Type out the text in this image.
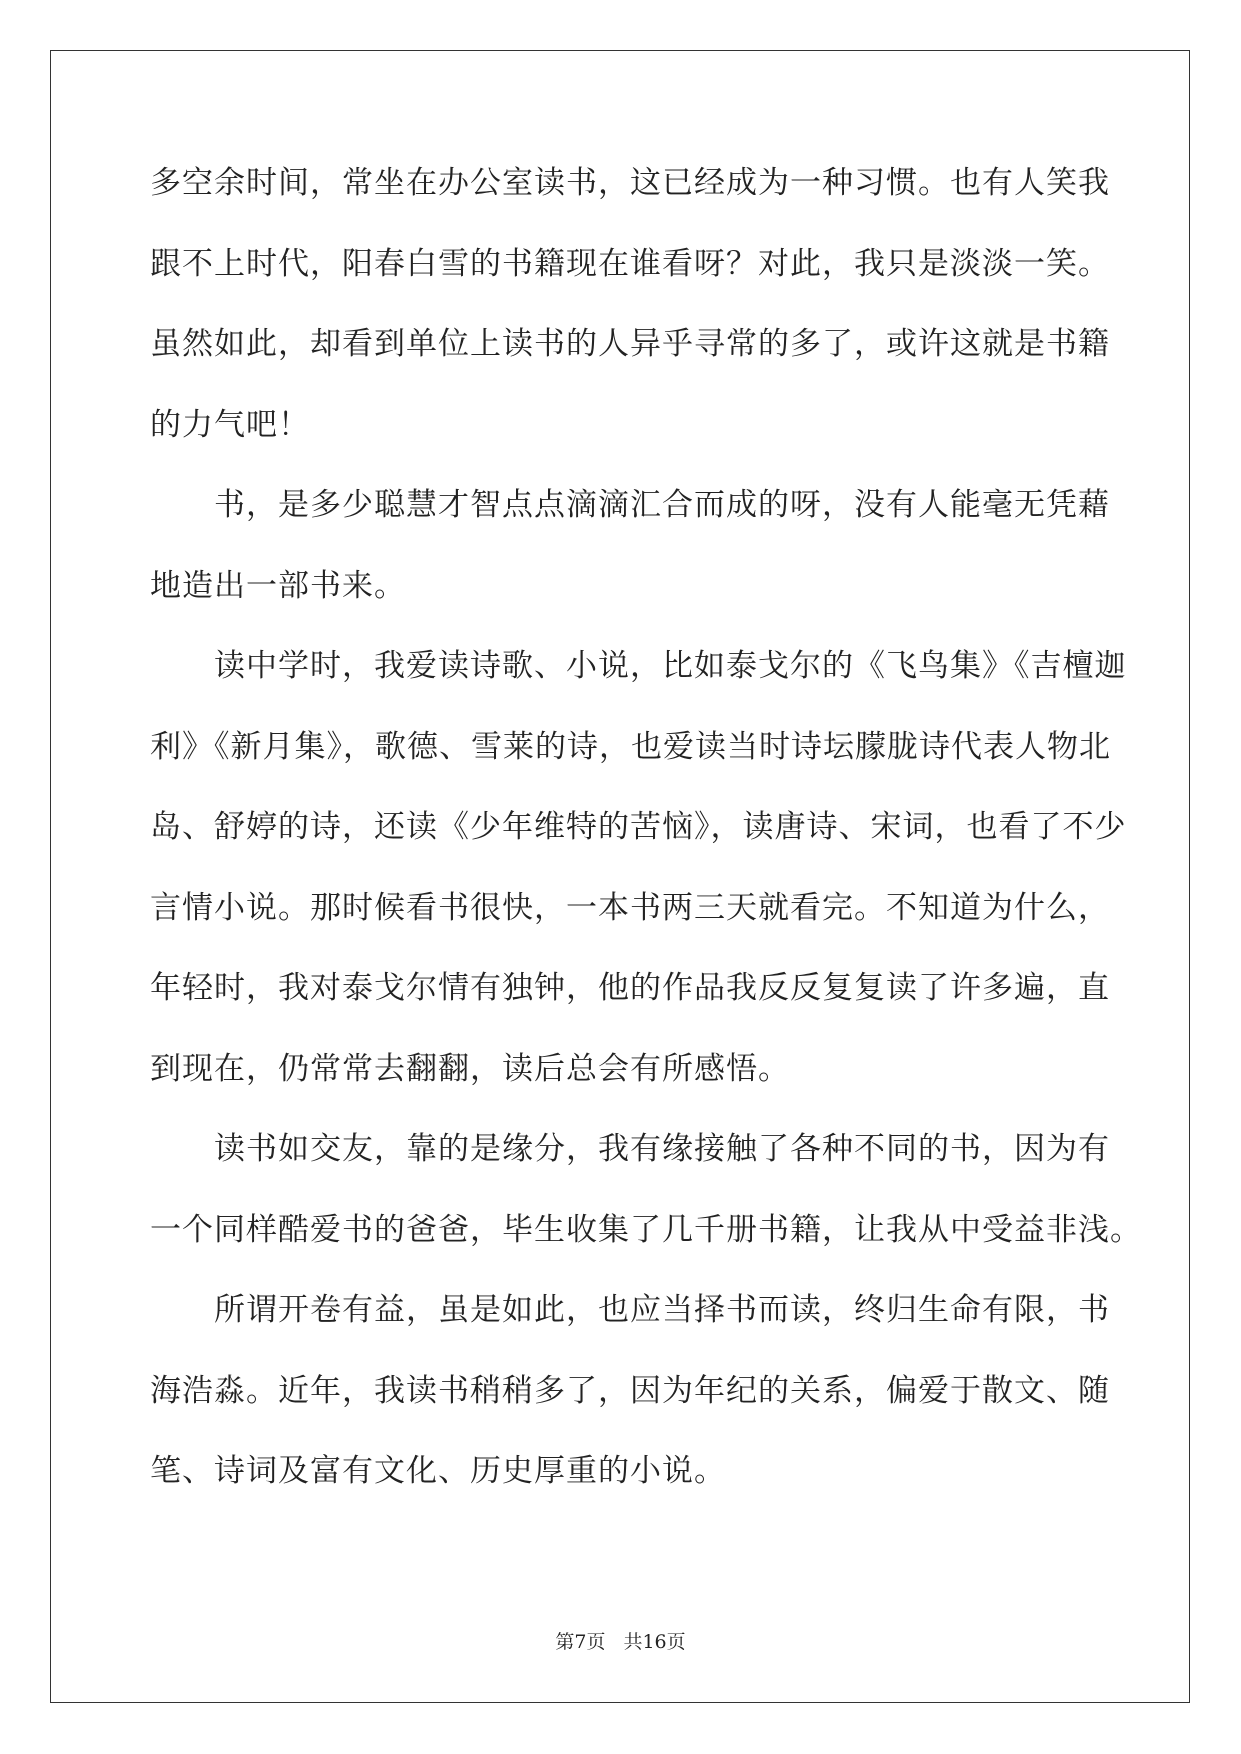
多空余时间，常坐在办公室读书，这已经成为一种习惯。也有人笑我
跟不上时代，阳春白雪的书籍现在谁看呀？对此，我只是淡淡一笑。
虽然如此，却看到单位上读书的人异乎寻常的多了，或许这就是书籍
的力气吧！
书，是多少聪慧才智点点滴滴汇合而成的呀，没有人能毫无凭藉
地造出一部书来。
读中学时，我爱读诗歌、小说，比如泰戈尔的《飞鸟集》《吉檀迦
利》《新月集》，歌德、雪莱的诗，也爱读当时诗坛朦胧诗代表人物北
岛、舒婷的诗，还读《少年维特的苦恼》，读唐诗、宋词，也看了不少
言情小说。那时候看书很快，一本书两三天就看完。不知道为什么，
年轻时，我对泰戈尔情有独钟，他的作品我反反复复读了许多遍，直
到现在，仍常常去翻翻，读后总会有所感悟。
读书如交友，靠的是缘分，我有缘接触了各种不同的书，因为有
一个同样酷爱书的爸爸，毕生收集了几千册书籍，让我从中受益非浅。
所谓开卷有益，虽是如此，也应当择书而读，终归生命有限，书
海浩淼。近年，我读书稍稍多了，因为年纪的关系，偏爱于散文、随
笔、诗词及富有文化、历史厚重的小说。
第7页 共16页
